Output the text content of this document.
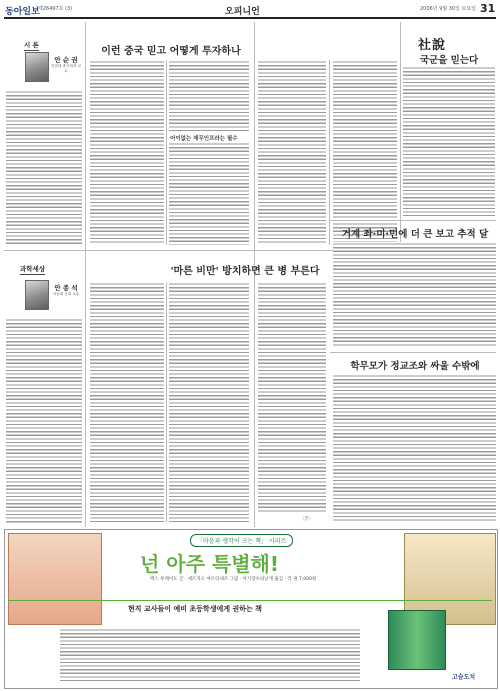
동아일보
제26497호 (3)	오피니언	2006년 9월 30일 토요일 31
시 론
안 순 권
인천대 중국학과 교수
과학세상
안 종 석
서울대 공대 교수
이런 중국 믿고 어떻게 투자하나
어이없는 재무인프라는 필수
'마른 비만' 방치하면 큰 병 부른다
〈끝〉
社說
국군을 믿는다
거계 좌·미·민에 더 큰 보고 추적 달
학무모가 정교조와 싸울 수밖에
「마음과 생각이 크는 책」 시리즈
넌 아주 특별해!
맥스 루케이도 글 · 세르지오 마르티네즈 그림 · 아기장수의날개 옮김 · 각 권 7,000원
현직 교사들이 예비 초등학생에게 권하는 책
고슴도치
